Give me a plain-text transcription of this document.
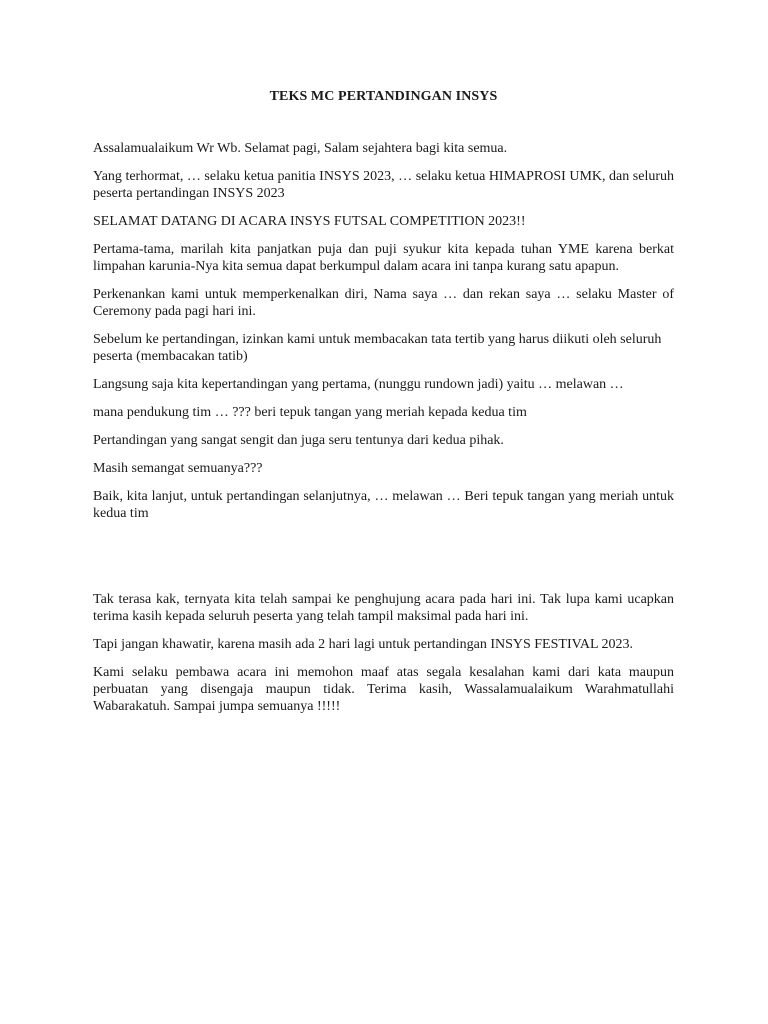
TEKS MC PERTANDINGAN INSYS

Assalamualaikum Wr Wb. Selamat pagi, Salam sejahtera bagi kita semua.

Yang terhormat, … selaku ketua panitia INSYS 2023, … selaku ketua HIMAPROSI UMK, dan seluruh peserta pertandingan INSYS 2023

SELAMAT DATANG DI ACARA INSYS FUTSAL COMPETITION 2023!!

Pertama-tama, marilah kita panjatkan puja dan puji syukur kita kepada tuhan YME karena berkat limpahan karunia-Nya kita semua dapat berkumpul dalam acara ini tanpa kurang satu apapun.

Perkenankan kami untuk memperkenalkan diri, Nama saya … dan rekan saya … selaku Master of Ceremony pada pagi hari ini.

Sebelum ke pertandingan, izinkan kami untuk membacakan tata tertib yang harus diikuti oleh seluruh peserta (membacakan tatib)

Langsung saja kita kepertandingan yang pertama, (nunggu rundown jadi) yaitu … melawan …

mana pendukung tim … ??? beri tepuk tangan yang meriah kepada kedua tim

Pertandingan yang sangat sengit dan juga seru tentunya dari kedua pihak.

Masih semangat semuanya???

Baik, kita lanjut, untuk pertandingan selanjutnya, … melawan … Beri tepuk tangan yang meriah untuk kedua tim

Tak terasa kak, ternyata kita telah sampai ke penghujung acara pada hari ini. Tak lupa kami ucapkan terima kasih kepada seluruh peserta yang telah tampil maksimal pada hari ini.

Tapi jangan khawatir, karena masih ada 2 hari lagi untuk pertandingan INSYS FESTIVAL 2023.

Kami selaku pembawa acara ini memohon maaf atas segala kesalahan kami dari kata maupun perbuatan yang disengaja maupun tidak. Terima kasih, Wassalamualaikum Warahmatullahi Wabarakatuh. Sampai jumpa semuanya !!!!!
